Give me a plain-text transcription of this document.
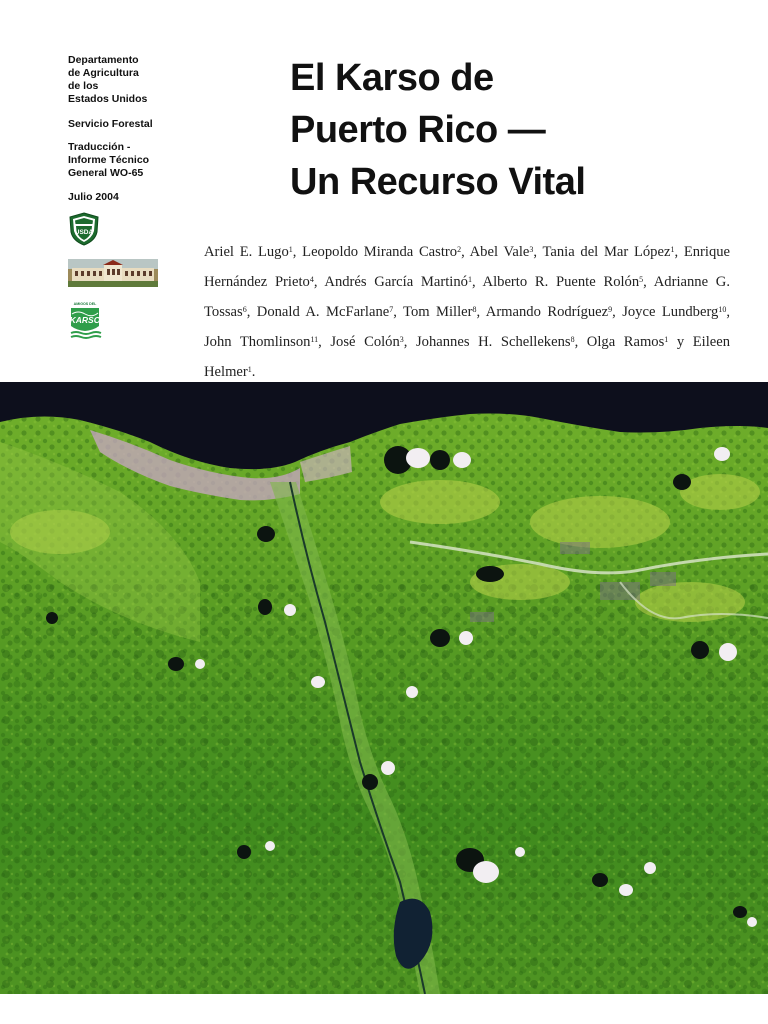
Departamento
de Agricultura
de los
Estados Unidos
Servicio Forestal
Traducción -
Informe Técnico
General WO-65
Julio 2004
USDA

AMIGOS DEL
KARSO
El Karso de
Puerto Rico —
Un Recurso Vital
Ariel E. Lugo$^1$, Leopoldo Miranda Castro$^2$, Abel Vale$^3$, Tania del Mar López$^1$, Enrique Hernández Prieto$^4$, Andrés García Martinó$^1$, Alberto R. Puente Rolón$^5$, Adrianne G. Tossas$^6$, Donald A. McFarlane$^7$, Tom Miller$^8$, Armando Rodríguez$^9$, Joyce Lundberg$^{10}$, John Thomlinson$^{11}$, José Colón$^3$, Johannes H. Schellekens$^8$, Olga Ramos$^1$ y Eileen Helmer$^1$.
